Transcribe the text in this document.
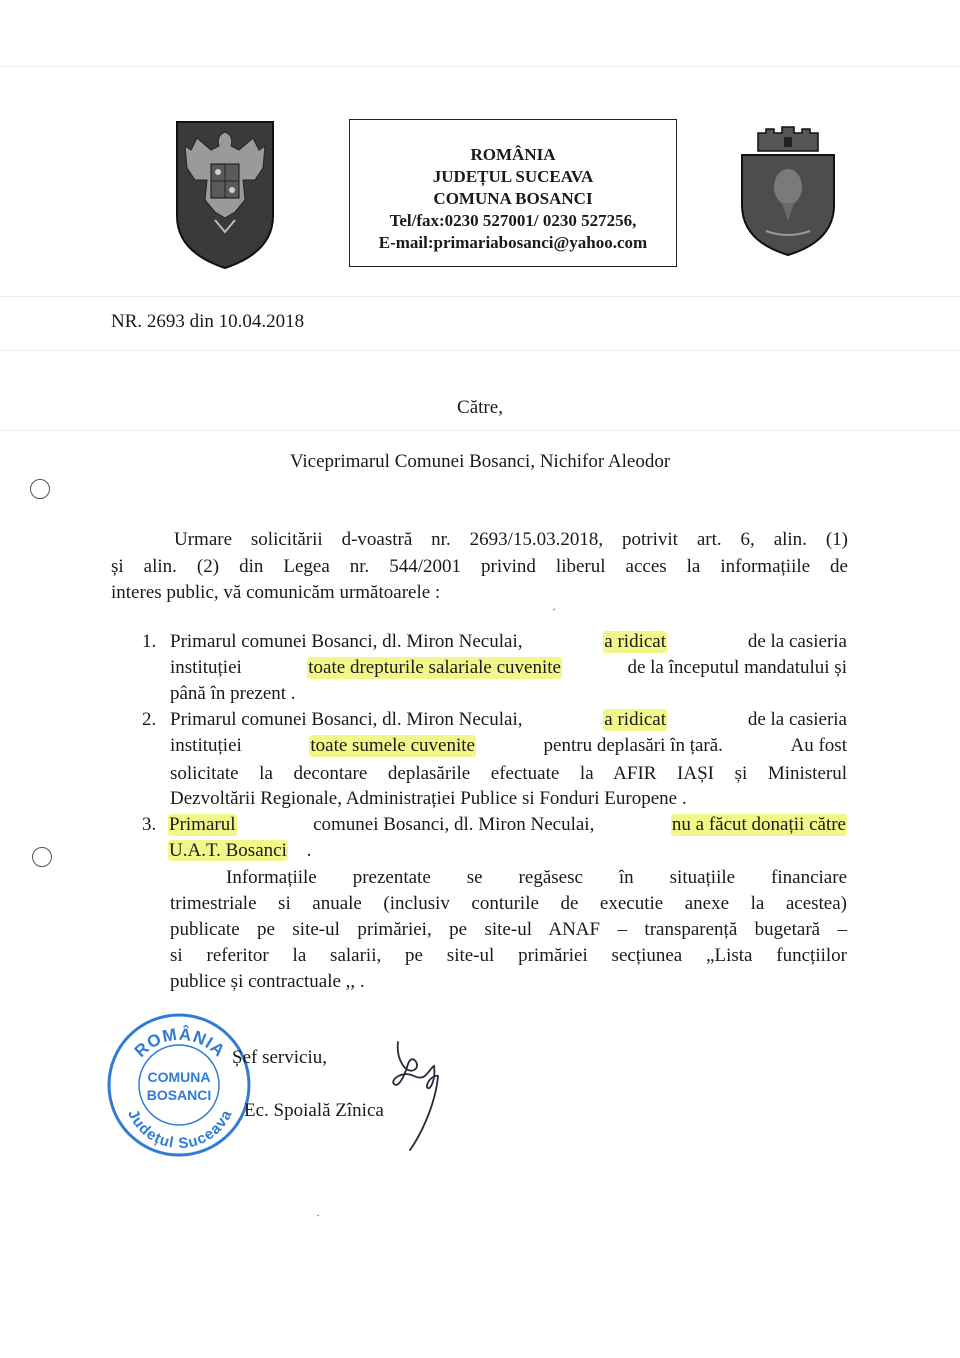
ROMÂNIA
JUDEȚUL SUCEAVA
COMUNA BOSANCI
Tel/fax:0230 527001/ 0230 527256,
E-mail:primariabosanci@yahoo.com
NR. 2693 din 10.04.2018
Către,
Viceprimarul Comunei Bosanci, Nichifor Aleodor
Urmare solicitării d-voastră nr. 2693/15.03.2018, potrivit art. 6, alin. (1)
și alin. (2) din Legea nr. 544/2001 privind liberul acces la informațiile de
interes public, vă comunicăm următoarele :
1. Primarul comunei Bosanci, dl. Miron Neculai,	a ridicat	de la casieria
instituției	toate drepturile salariale cuvenite	de la începutul mandatului și
până în prezent .
2. Primarul comunei Bosanci, dl. Miron Neculai,	a ridicat	de la casieria
instituției	toate sumele cuvenite	pentru deplasări în țară.	Au fost
solicitate la decontare deplasările efectuate la AFIR IAȘI și Ministerul
Dezvoltării Regionale, Administrației Publice si Fonduri Europene .
3. Primarul	comunei Bosanci, dl. Miron Neculai,	nu a făcut donații către
U.A.T. Bosanci .
Informațiile prezentate se regăsesc în situațiile financiare
trimestriale si anuale (inclusiv conturile de executie anexe la acestea)
publicate pe site-ul primăriei, pe site-ul ANAF – transparență bugetară –
si referitor la salarii, pe site-ul primăriei secțiunea „Lista funcțiilor
publice și contractuale ,, .
ROMÂNIA
Județul Suceava
COMUNA
BOSANCI
Șef serviciu,
Ec. Spoială Zînica
ˊ
ˊ
